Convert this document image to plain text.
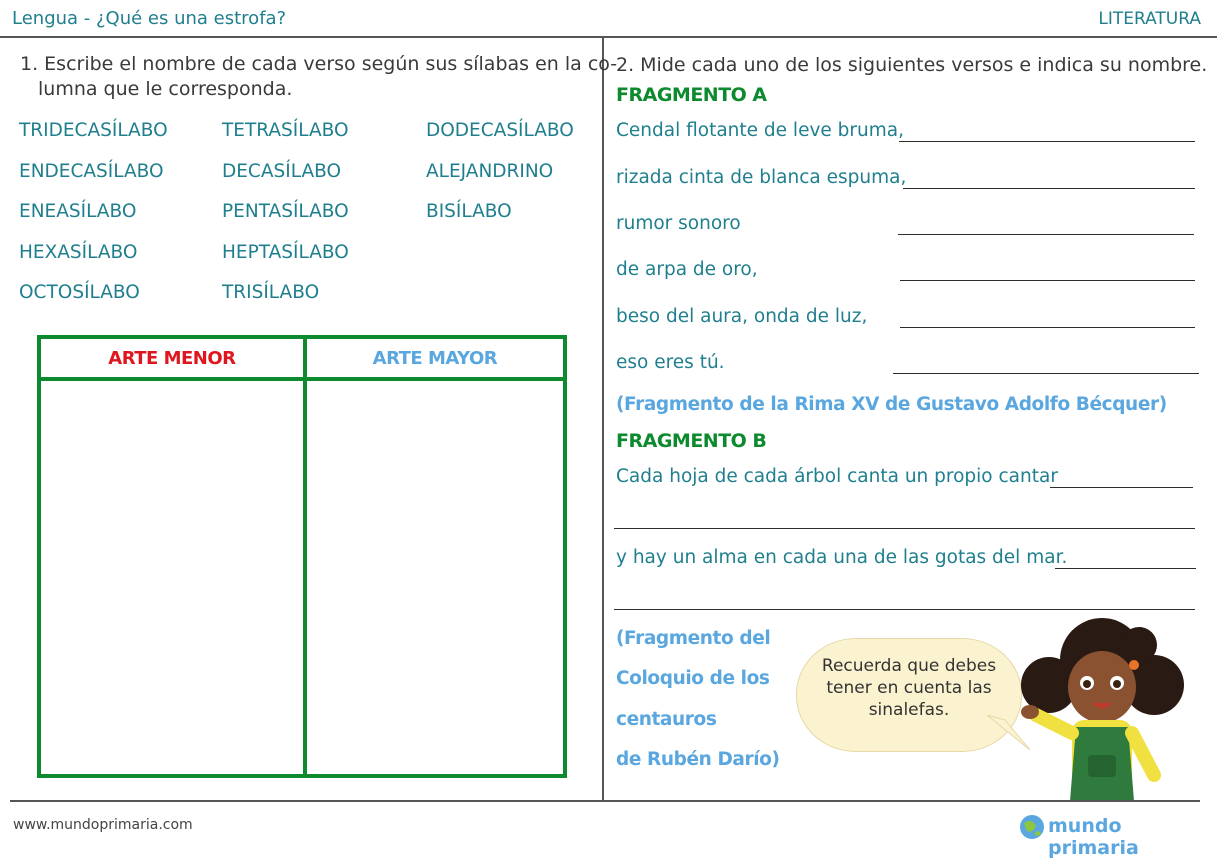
Lengua - ¿Qué es una estrofa?	LITERATURA
1. Escribe el nombre de cada verso según sus sílabas en la co-
lumna que le corresponda.
TRIDECASÍLABO
ENDECASÍLABO
ENEASÍLABO
HEXASÍLABO
OCTOSÍLABO
TETRASÍLABO
DECASÍLABO
PENTASÍLABO
HEPTASÍLABO
TRISÍLABO
DODECASÍLABO
ALEJANDRINO
BISÍLABO
ARTE MENOR	ARTE MAYOR

2. Mide cada uno de los siguientes versos e indica su nombre.
FRAGMENTO A
Cendal flotante de leve bruma,
rizada cinta de blanca espuma,
rumor sonoro
de arpa de oro,
beso del aura, onda de luz,
eso eres tú.
(Fragmento de la Rima XV de Gustavo Adolfo Bécquer)
FRAGMENTO B
Cada hoja de cada árbol canta un propio cantar
y hay un alma en cada una de las gotas del mar.
(Fragmento del
Coloquio de los
centauros
de Rubén Darío)
Recuerda que debes tener en cuenta las sinalefas.
www.mundoprimaria.com	mundo primaria
